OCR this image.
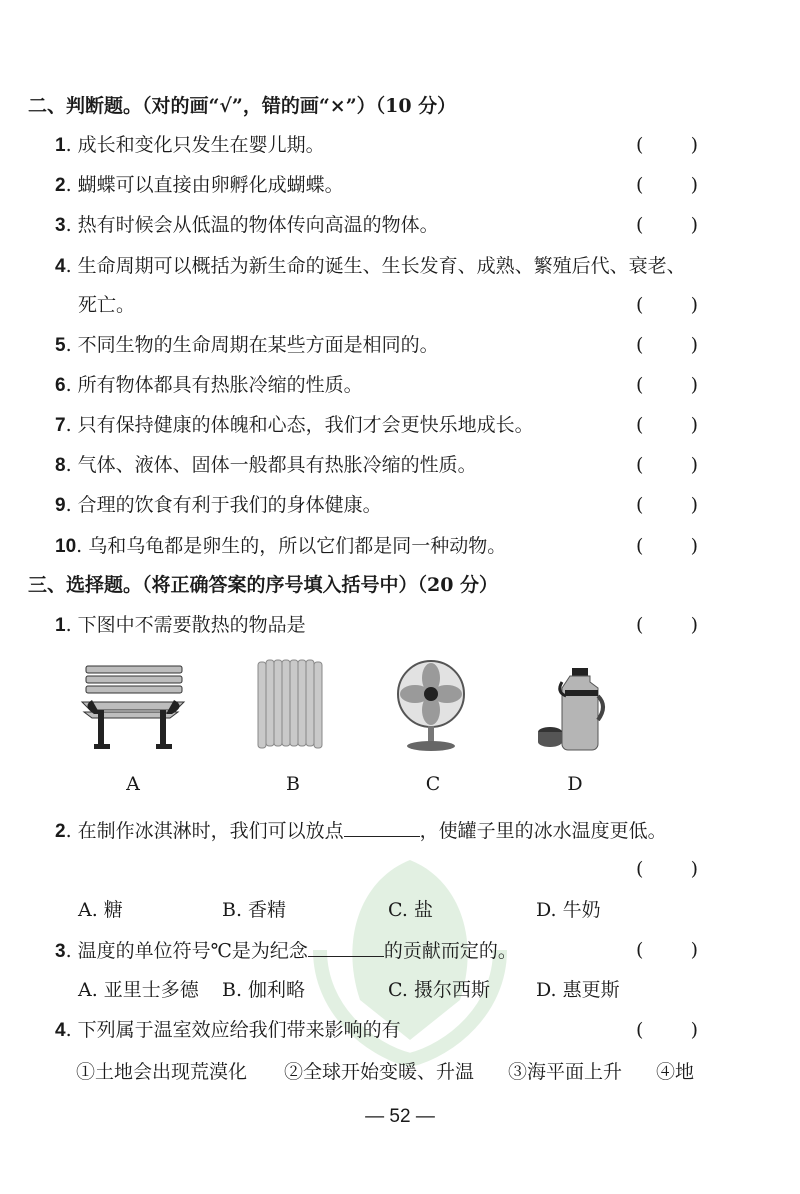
二、判断题。（对的画“√”，错的画“×”）（10 分）
1. 成长和变化只发生在婴儿期。	( )
2. 蝴蝶可以直接由卵孵化成蝴蝶。	( )
3. 热有时候会从低温的物体传向高温的物体。	( )
4. 生命周期可以概括为新生命的诞生、生长发育、成熟、繁殖后代、衰老、
死亡。	( )
5. 不同生物的生命周期在某些方面是相同的。	( )
6. 所有物体都具有热胀冷缩的性质。	( )
7. 只有保持健康的体魄和心态，我们才会更快乐地成长。	( )
8. 气体、液体、固体一般都具有热胀冷缩的性质。	( )
9. 合理的饮食有利于我们的身体健康。	( )
10. 乌和乌龟都是卵生的，所以它们都是同一种动物。	( )
三、选择题。（将正确答案的序号填入括号中）（20 分）
1. 下图中不需要散热的物品是	( )
A	B	C	D
2. 在制作冰淇淋时，我们可以放点	，使罐子里的冰水温度更低。
( )
A. 糖	B. 香精	C. 盐	D. 牛奶
3. 温度的单位符号℃是为纪念	的贡献而定的。	( )
A. 亚里士多德 B. 伽利略	C. 摄尔西斯 D. 惠更斯
4. 下列属于温室效应给我们带来影响的有	( )
①土地会出现荒漠化 ②全球开始变暖、升温 ③海平面上升 ④地
— 52 —
